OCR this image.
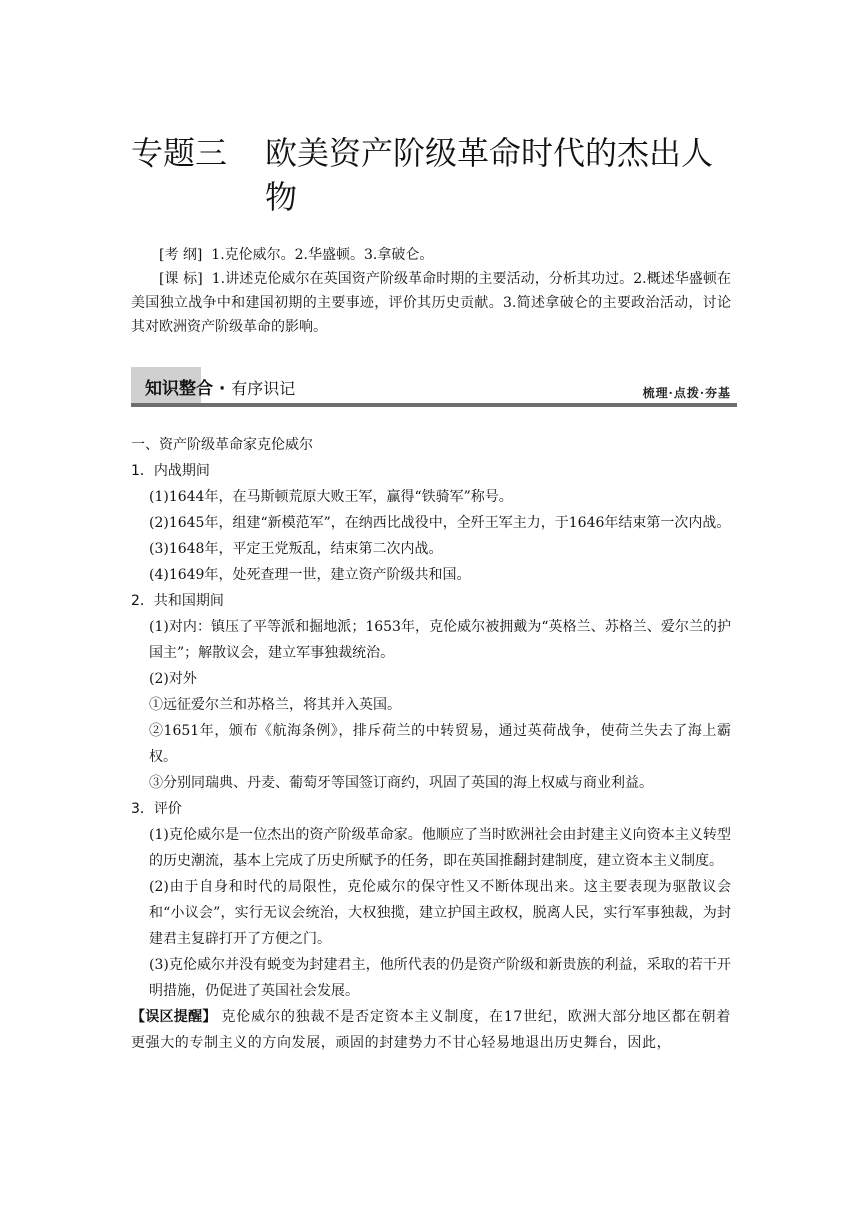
专题三 欧美资产阶级革命时代的杰出人
物

[考 纲] 1.克伦威尔。2.华盛顿。3.拿破仑。

[课 标] 1.讲述克伦威尔在英国资产阶级革命时期的主要活动，分析其功过。2.概述华盛顿在美国独立战争中和建国初期的主要事迹，评价其历史贡献。3.简述拿破仑的主要政治活动，讨论其对欧洲资产阶级革命的影响。

知识整合 · 有序识记	梳理·点拨·夯基

一、资产阶级革命家克伦威尔

1．内战期间

(1)1644年，在马斯顿荒原大败王军，赢得“铁骑军”称号。

(2)1645年，组建“新模范军”，在纳西比战役中，全歼王军主力，于1646年结束第一次内战。

(3)1648年，平定王党叛乱，结束第二次内战。

(4)1649年，处死查理一世，建立资产阶级共和国。

2．共和国期间

(1)对内：镇压了平等派和掘地派；1653年，克伦威尔被拥戴为“英格兰、苏格兰、爱尔兰的护国主”；解散议会，建立军事独裁统治。

(2)对外

①远征爱尔兰和苏格兰，将其并入英国。

②1651年，颁布《航海条例》，排斥荷兰的中转贸易，通过英荷战争，使荷兰失去了海上霸权。

③分别同瑞典、丹麦、葡萄牙等国签订商约，巩固了英国的海上权威与商业利益。

3．评价

(1)克伦威尔是一位杰出的资产阶级革命家。他顺应了当时欧洲社会由封建主义向资本主义转型的历史潮流，基本上完成了历史所赋予的任务，即在英国推翻封建制度，建立资本主义制度。

(2)由于自身和时代的局限性，克伦威尔的保守性又不断体现出来。这主要表现为驱散议会和“小议会”，实行无议会统治，大权独揽，建立护国主政权，脱离人民，实行军事独裁，为封建君主复辟打开了方便之门。

(3)克伦威尔并没有蜕变为封建君主，他所代表的仍是资产阶级和新贵族的利益，采取的若干开明措施，仍促进了英国社会发展。

【误区提醒】 克伦威尔的独裁不是否定资本主义制度，在17世纪，欧洲大部分地区都在朝着更强大的专制主义的方向发展，顽固的封建势力不甘心轻易地退出历史舞台，因此，
